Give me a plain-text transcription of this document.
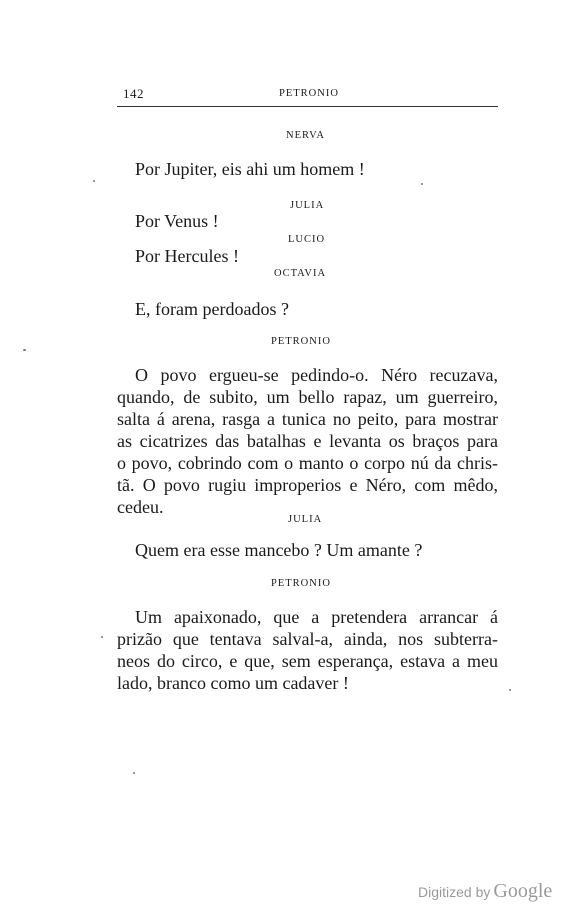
142	PETRONIO
NERVA
Por Jupiter, eis ahi um homem !
JULIA
Por Venus !
LUCIO
Por Hercules !
OCTAVIA
E, foram perdoados ?
PETRONIO
O povo ergueu-se pedindo-o. Néro recuzava,
quando, de subito, um bello rapaz, um guerreiro,
salta á arena, rasga a tunica no peito, para mostrar
as cicatrizes das batalhas e levanta os braços para
o povo, cobrindo com o manto o corpo nú da chris-
tã. O povo rugiu improperios e Néro, com mêdo,
cedeu.
JULIA
Quem era esse mancebo ? Um amante ?
PETRONIO
Um apaixonado, que a pretendera arrancar á
prizão que tentava salval-a, ainda, nos subterra-
neos do circo, e que, sem esperança, estava a meu
lado, branco como um cadaver !
Digitized by Google
